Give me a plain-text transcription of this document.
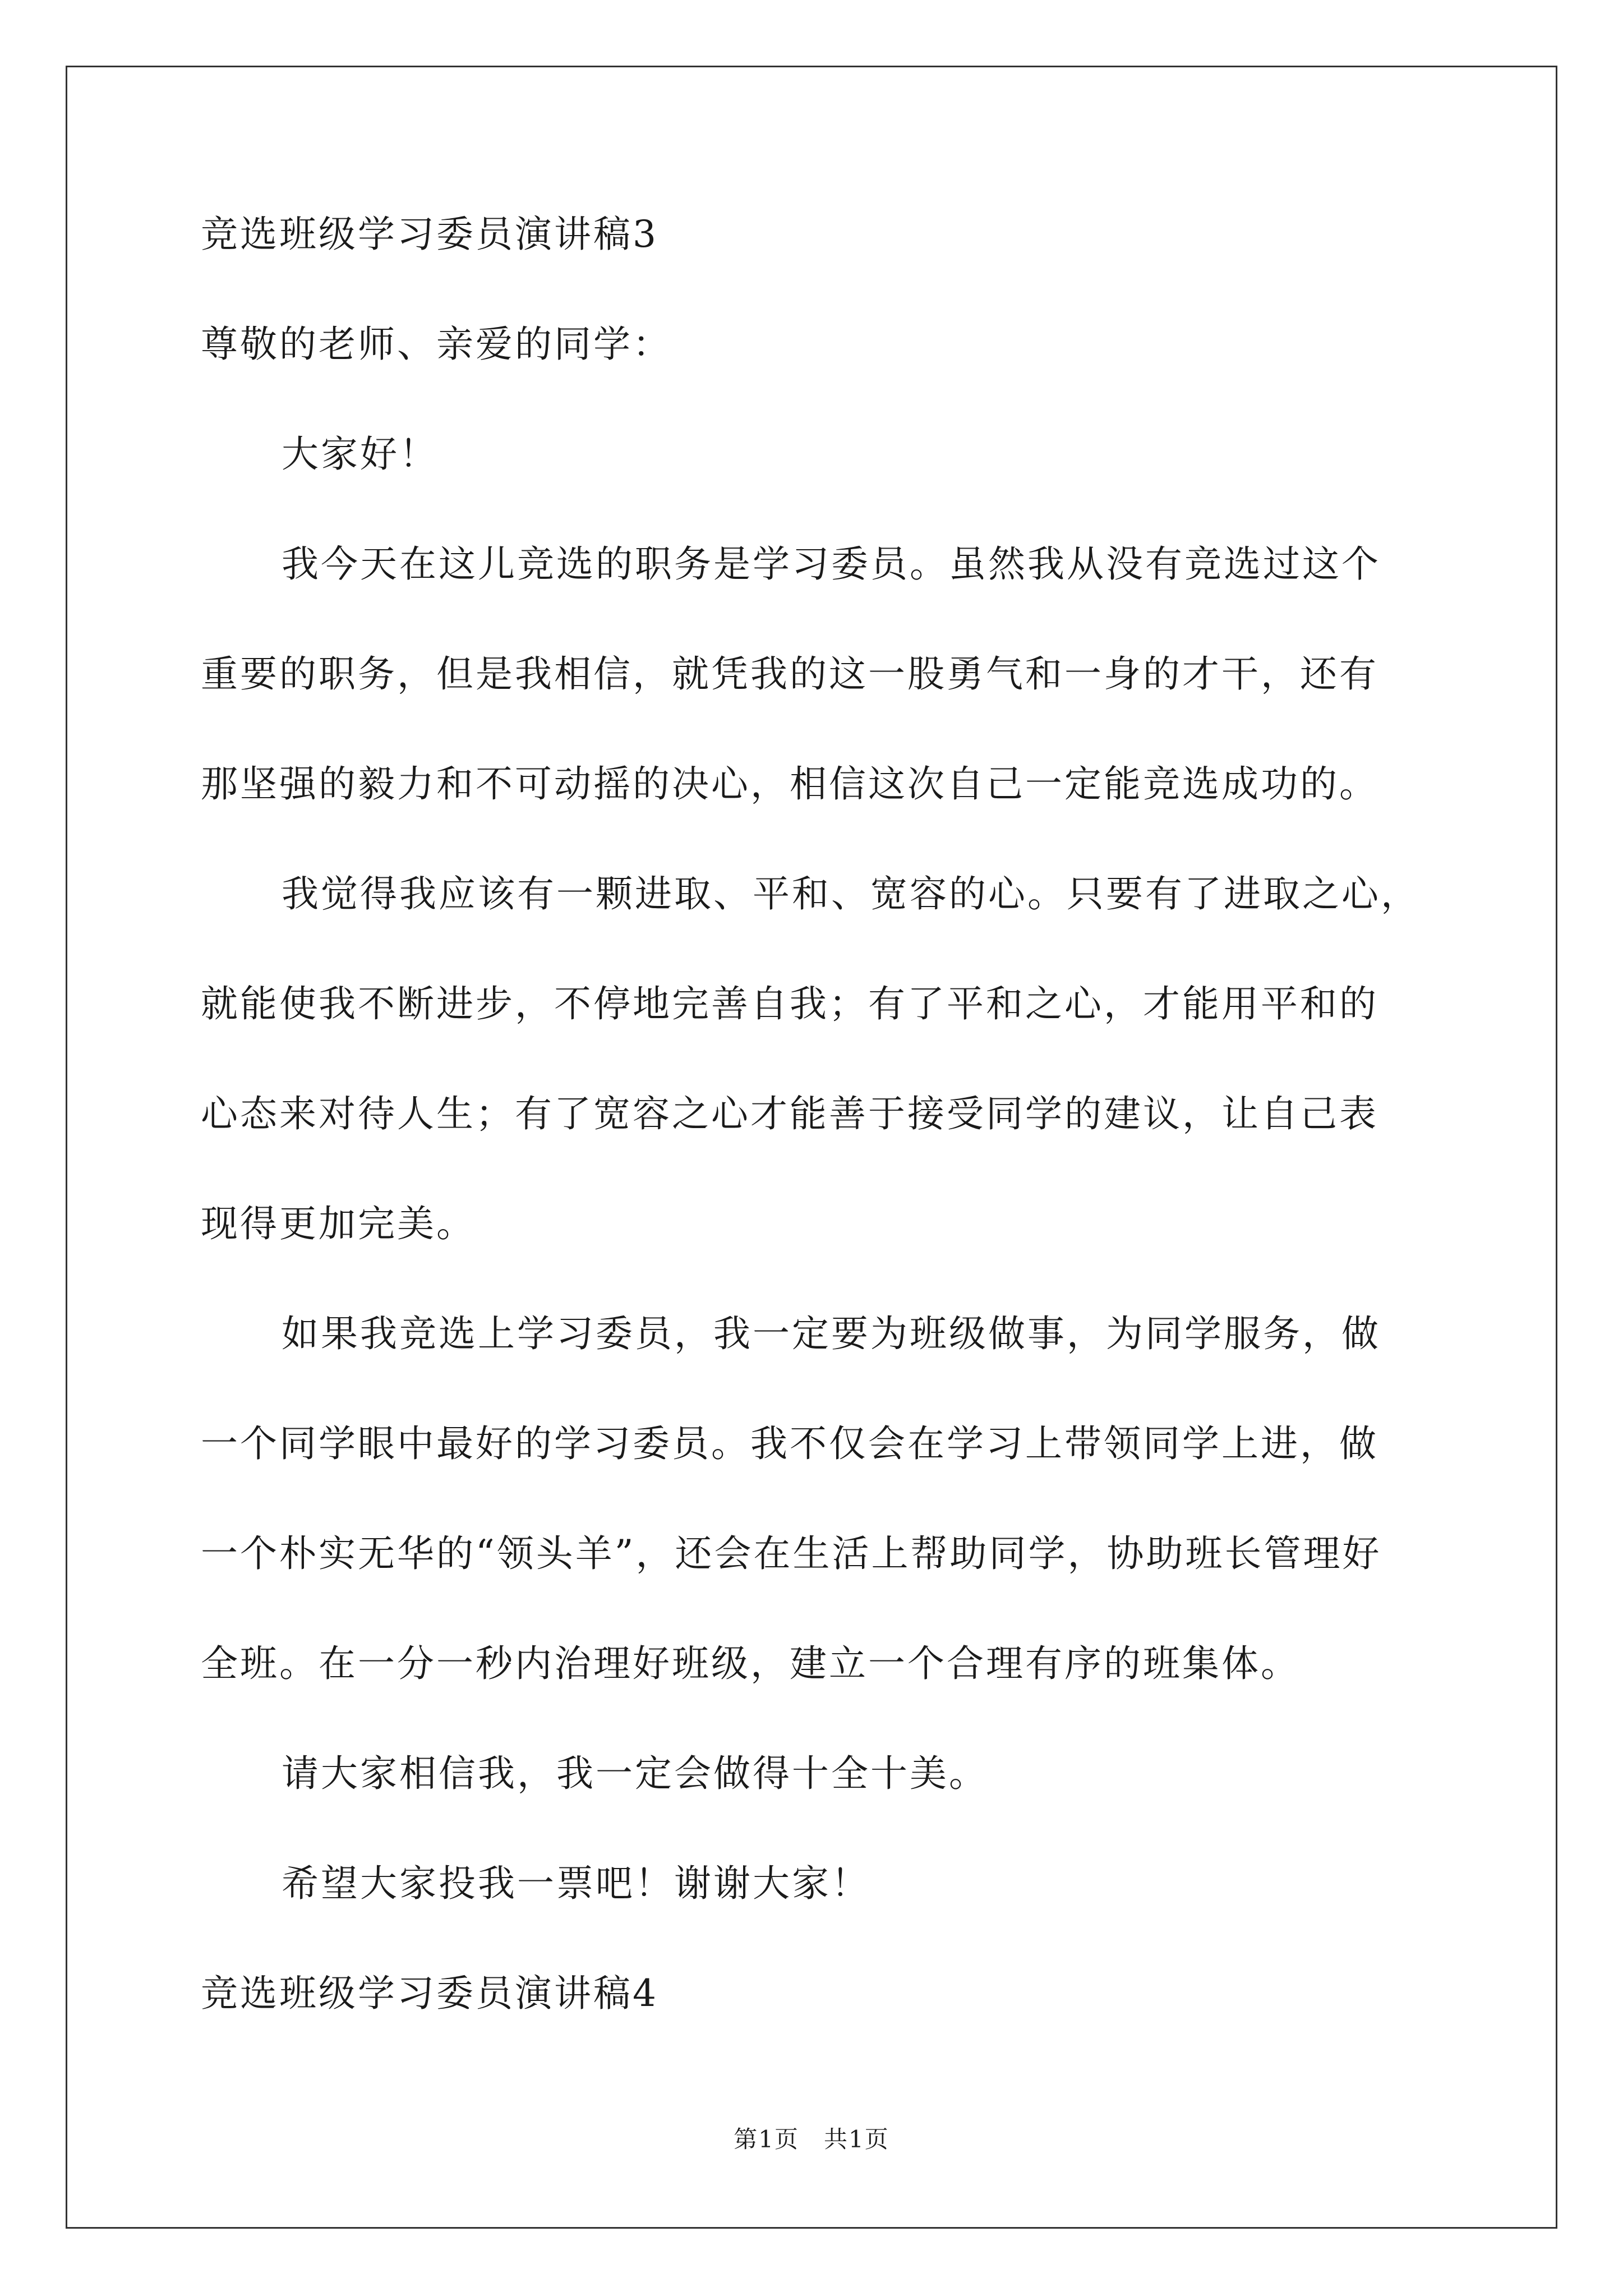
竞选班级学习委员演讲稿3

尊敬的老师、亲爱的同学：

大家好！

我今天在这儿竞选的职务是学习委员。虽然我从没有竞选过这个

重要的职务，但是我相信，就凭我的这一股勇气和一身的才干，还有

那坚强的毅力和不可动摇的决心，相信这次自己一定能竞选成功的。

我觉得我应该有一颗进取、平和、宽容的心。只要有了进取之心，

就能使我不断进步，不停地完善自我；有了平和之心，才能用平和的

心态来对待人生；有了宽容之心才能善于接受同学的建议，让自己表

现得更加完美。

如果我竞选上学习委员，我一定要为班级做事，为同学服务，做

一个同学眼中最好的学习委员。我不仅会在学习上带领同学上进，做

一个朴实无华的“领头羊”，还会在生活上帮助同学，协助班长管理好

全班。在一分一秒内治理好班级，建立一个合理有序的班集体。

请大家相信我，我一定会做得十全十美。

希望大家投我一票吧！谢谢大家！

竞选班级学习委员演讲稿4

第1页　共1页
